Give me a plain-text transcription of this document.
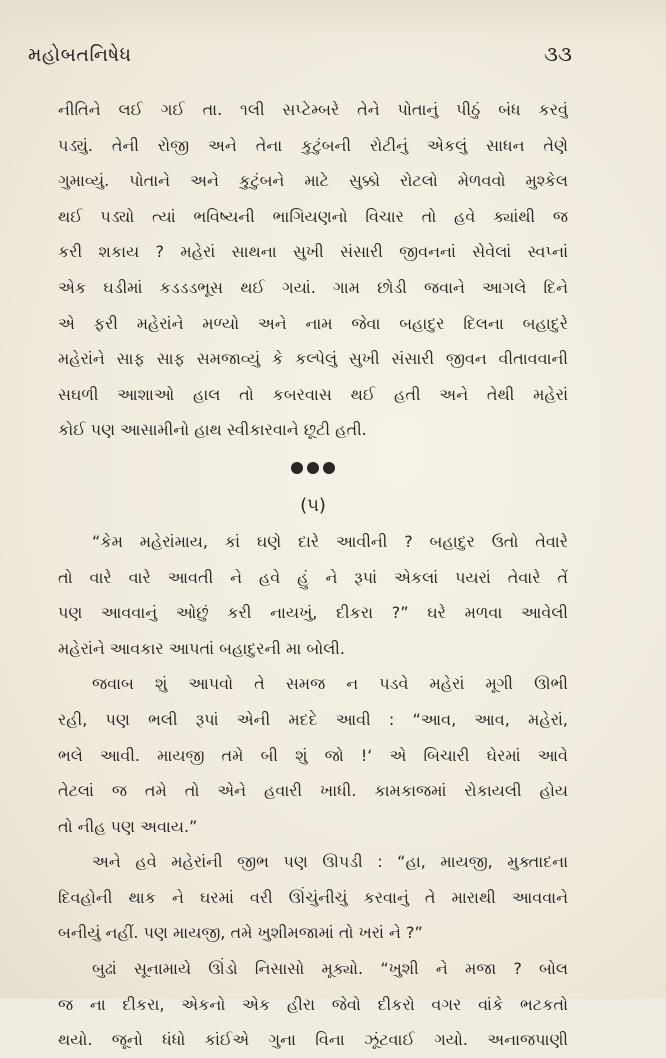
મહોબતનિષેધ	૩૩
નીતિને લઈ ગઈ તા. ૧લી સપ્ટેમ્બરે તેને પોતાનું પીઠું બંધ કરવું
પડ્યું. તેની રોજી અને તેના કુટુંબની રોટીનું એકલું સાધન તેણે
ગુમાવ્યું. પોતાને અને કુટુંબને માટે સુક્કો રોટલો મેળવવો મુશ્કેલ
થઈ પડ્યો ત્યાં ભવિષ્યની ભાગિયણનો વિચાર તો હવે ક્યાંથી જ
કરી શકાય ? મહેરાં સાથના સુખી સંસારી જીવનનાં સેવેલાં સ્વપ્નાં
એક ઘડીમાં કડડડભૂસ થઈ ગયાં. ગામ છોડી જવાને આગલે દિને
એ ફરી મહેરાંને મળ્યો અને નામ જેવા બહાદુર દિલના બહાદુરે
મહેરાંને સાફ સાફ સમજાવ્યું કે કલ્પેલું સુખી સંસારી જીવન વીતાવવાની
સઘળી આશાઓ હાલ તો કબરવાસ થઈ હતી અને તેથી મહેરાં
કોઈ પણ આસામીનો હાથ સ્વીકારવાને છૂટી હતી.
(૫)
“કેમ મહેરાંમાય, કાં ઘણે દારે આવીની ? બહાદુર ઉતો તેવારે
તો વારે વારે આવતી ને હવે હું ને રૂપાં એકલાં પયરાં તેવારે તેં
પણ આવવાનું ઓછું કરી નાયખું, દીકરા ?” ઘરે મળવા આવેલી
મહેરાંને આવકાર આપતાં બહાદુરની મા બોલી.
જવાબ શું આપવો તે સમજ ન પડવે મહેરાં મૂગી ઊભી
રહી, પણ ભલી રૂપાં એની મદદે આવી : “આવ, આવ, મહેરાં,
ભલે આવી. માયજી તમે બી શું જો !‘ એ બિચારી ઘેરમાં આવે
તેટલાં જ તમે તો એને હવારી ખાધી. કામકાજમાં રોકાયલી હોય
તો નીહ પણ અવાય.”
અને હવે મહેરાંની જીભ પણ ઊપડી : “હા, માયજી, મુક્તાદના
દિવહોની થાક ને ઘરમાં વરી ઊંચુંનીચું કરવાનું તે મારાથી આવવાને
બનીયું નહીં. પણ માયજી, તમે ખુશીમજામાં તો ખરાં ને ?”
બુઢાં સૂનામાયે ઊંડો નિસાસો મૂક્યો. “ખુશી ને મજા ? બોલ
જ ના દીકરા, એકનો એક હીરા જેવો દીકરો વગર વાંકે ભટકતો
થયો. જૂનો ધંધો કાંઈએ ગુના વિના ઝૂંટવાઈ ગયો. અનાજપાણી
